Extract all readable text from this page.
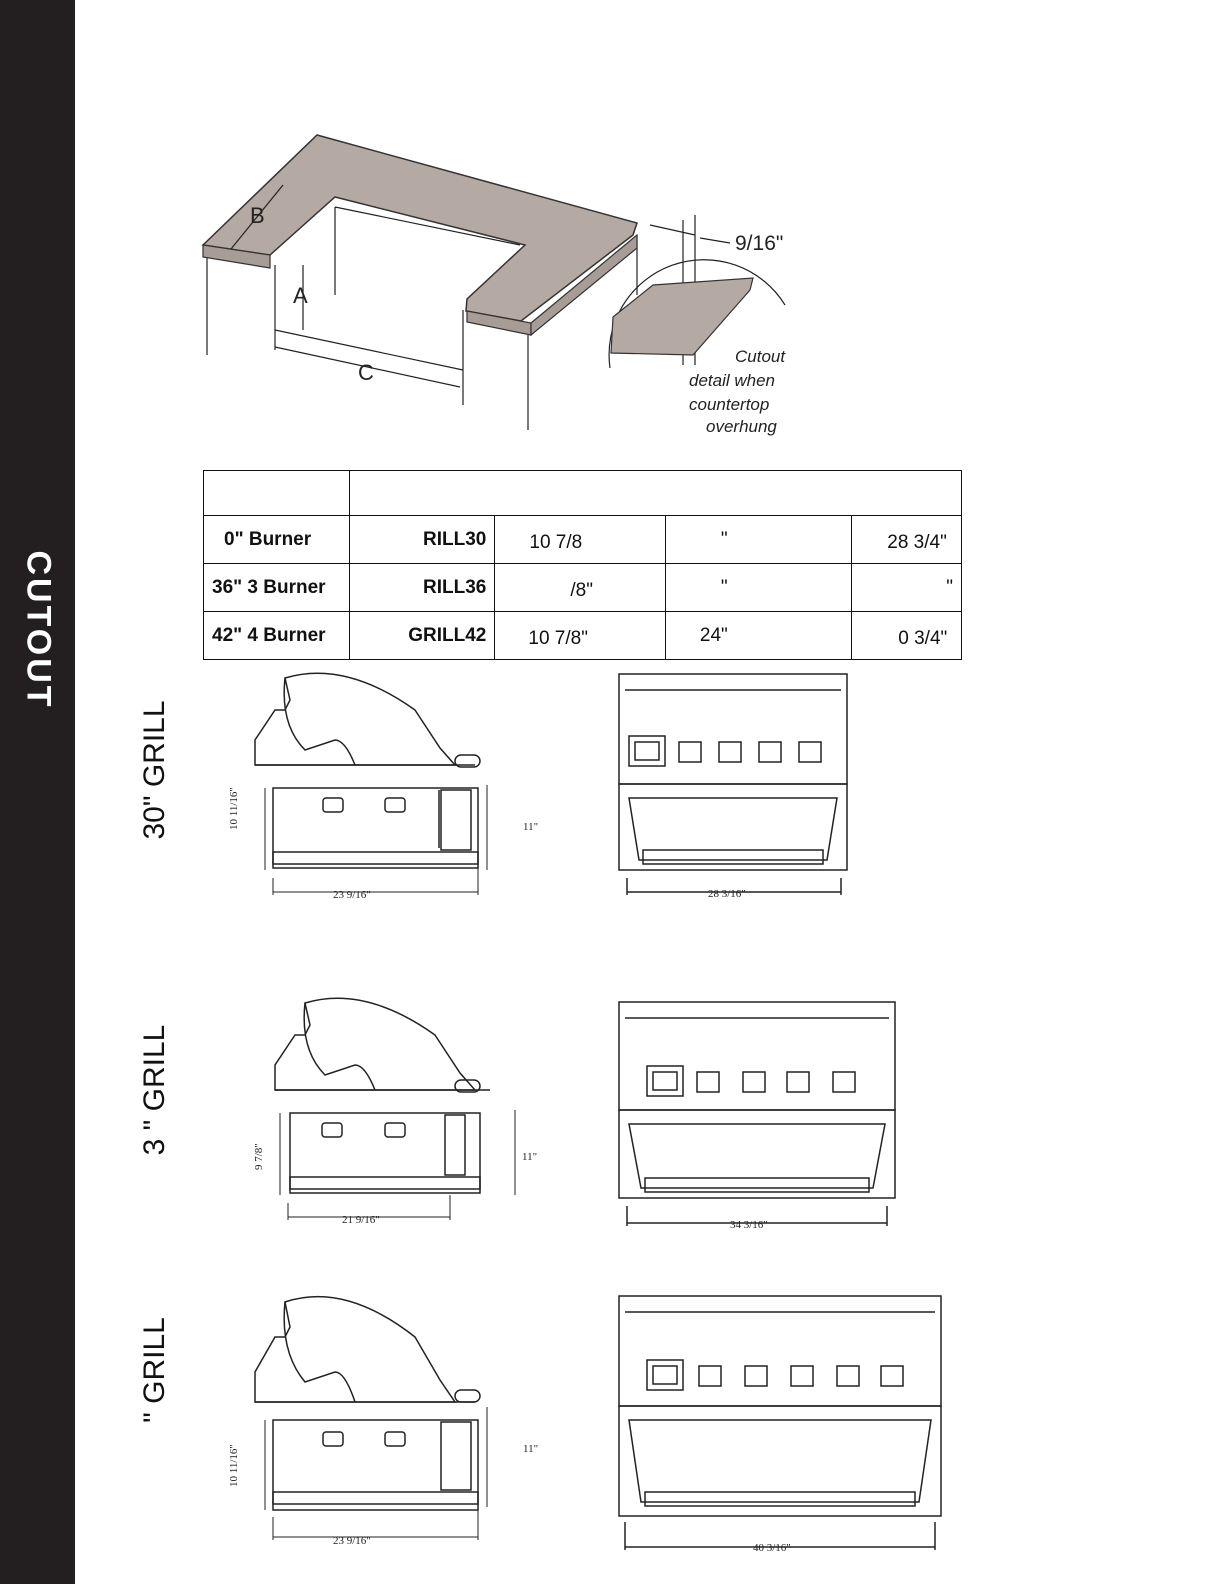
CUTOUT
B
A
C
9/16"
Cutout
detail when
countertop
overhung

0" Burner	RILL30	10 7/8	"	28 3/4"
36" 3 Burner	RILL36	/8"	"	"
42" 4 Burner	GRILL42	10 7/8"	24"	0 3/4"
30" GRILL
3 " GRILL
" GRILL
23 9/16"
10 11/16"	11"
28 3/16"
21 9/16"
9 7/8"	11"
34 3/16"
23 9/16"
10 11/16"	11"
40 3/16"
